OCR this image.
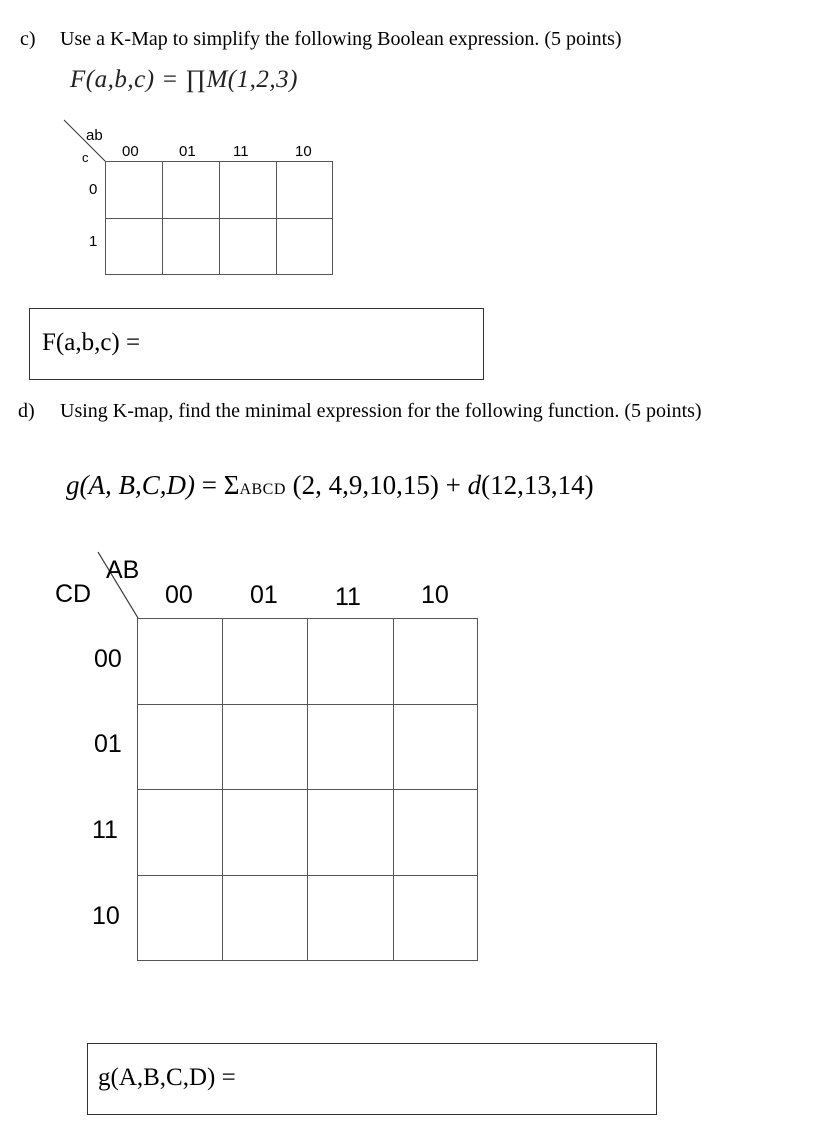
c) Use a K-Map to simplify the following Boolean expression. (5 points)
F(a,b,c) = ∏M(1,2,3)
ab
c 00	01 11	10
0
1
F(a,b,c) =
d) Using K-map, find the minimal expression for the following function. (5 points)
g(A, B,C,D) = ΣABCD (2, 4,9,10,15) + d(12,13,14)
AB
CD	00 01 11 10
00
01
11
10
g(A,B,C,D) =
